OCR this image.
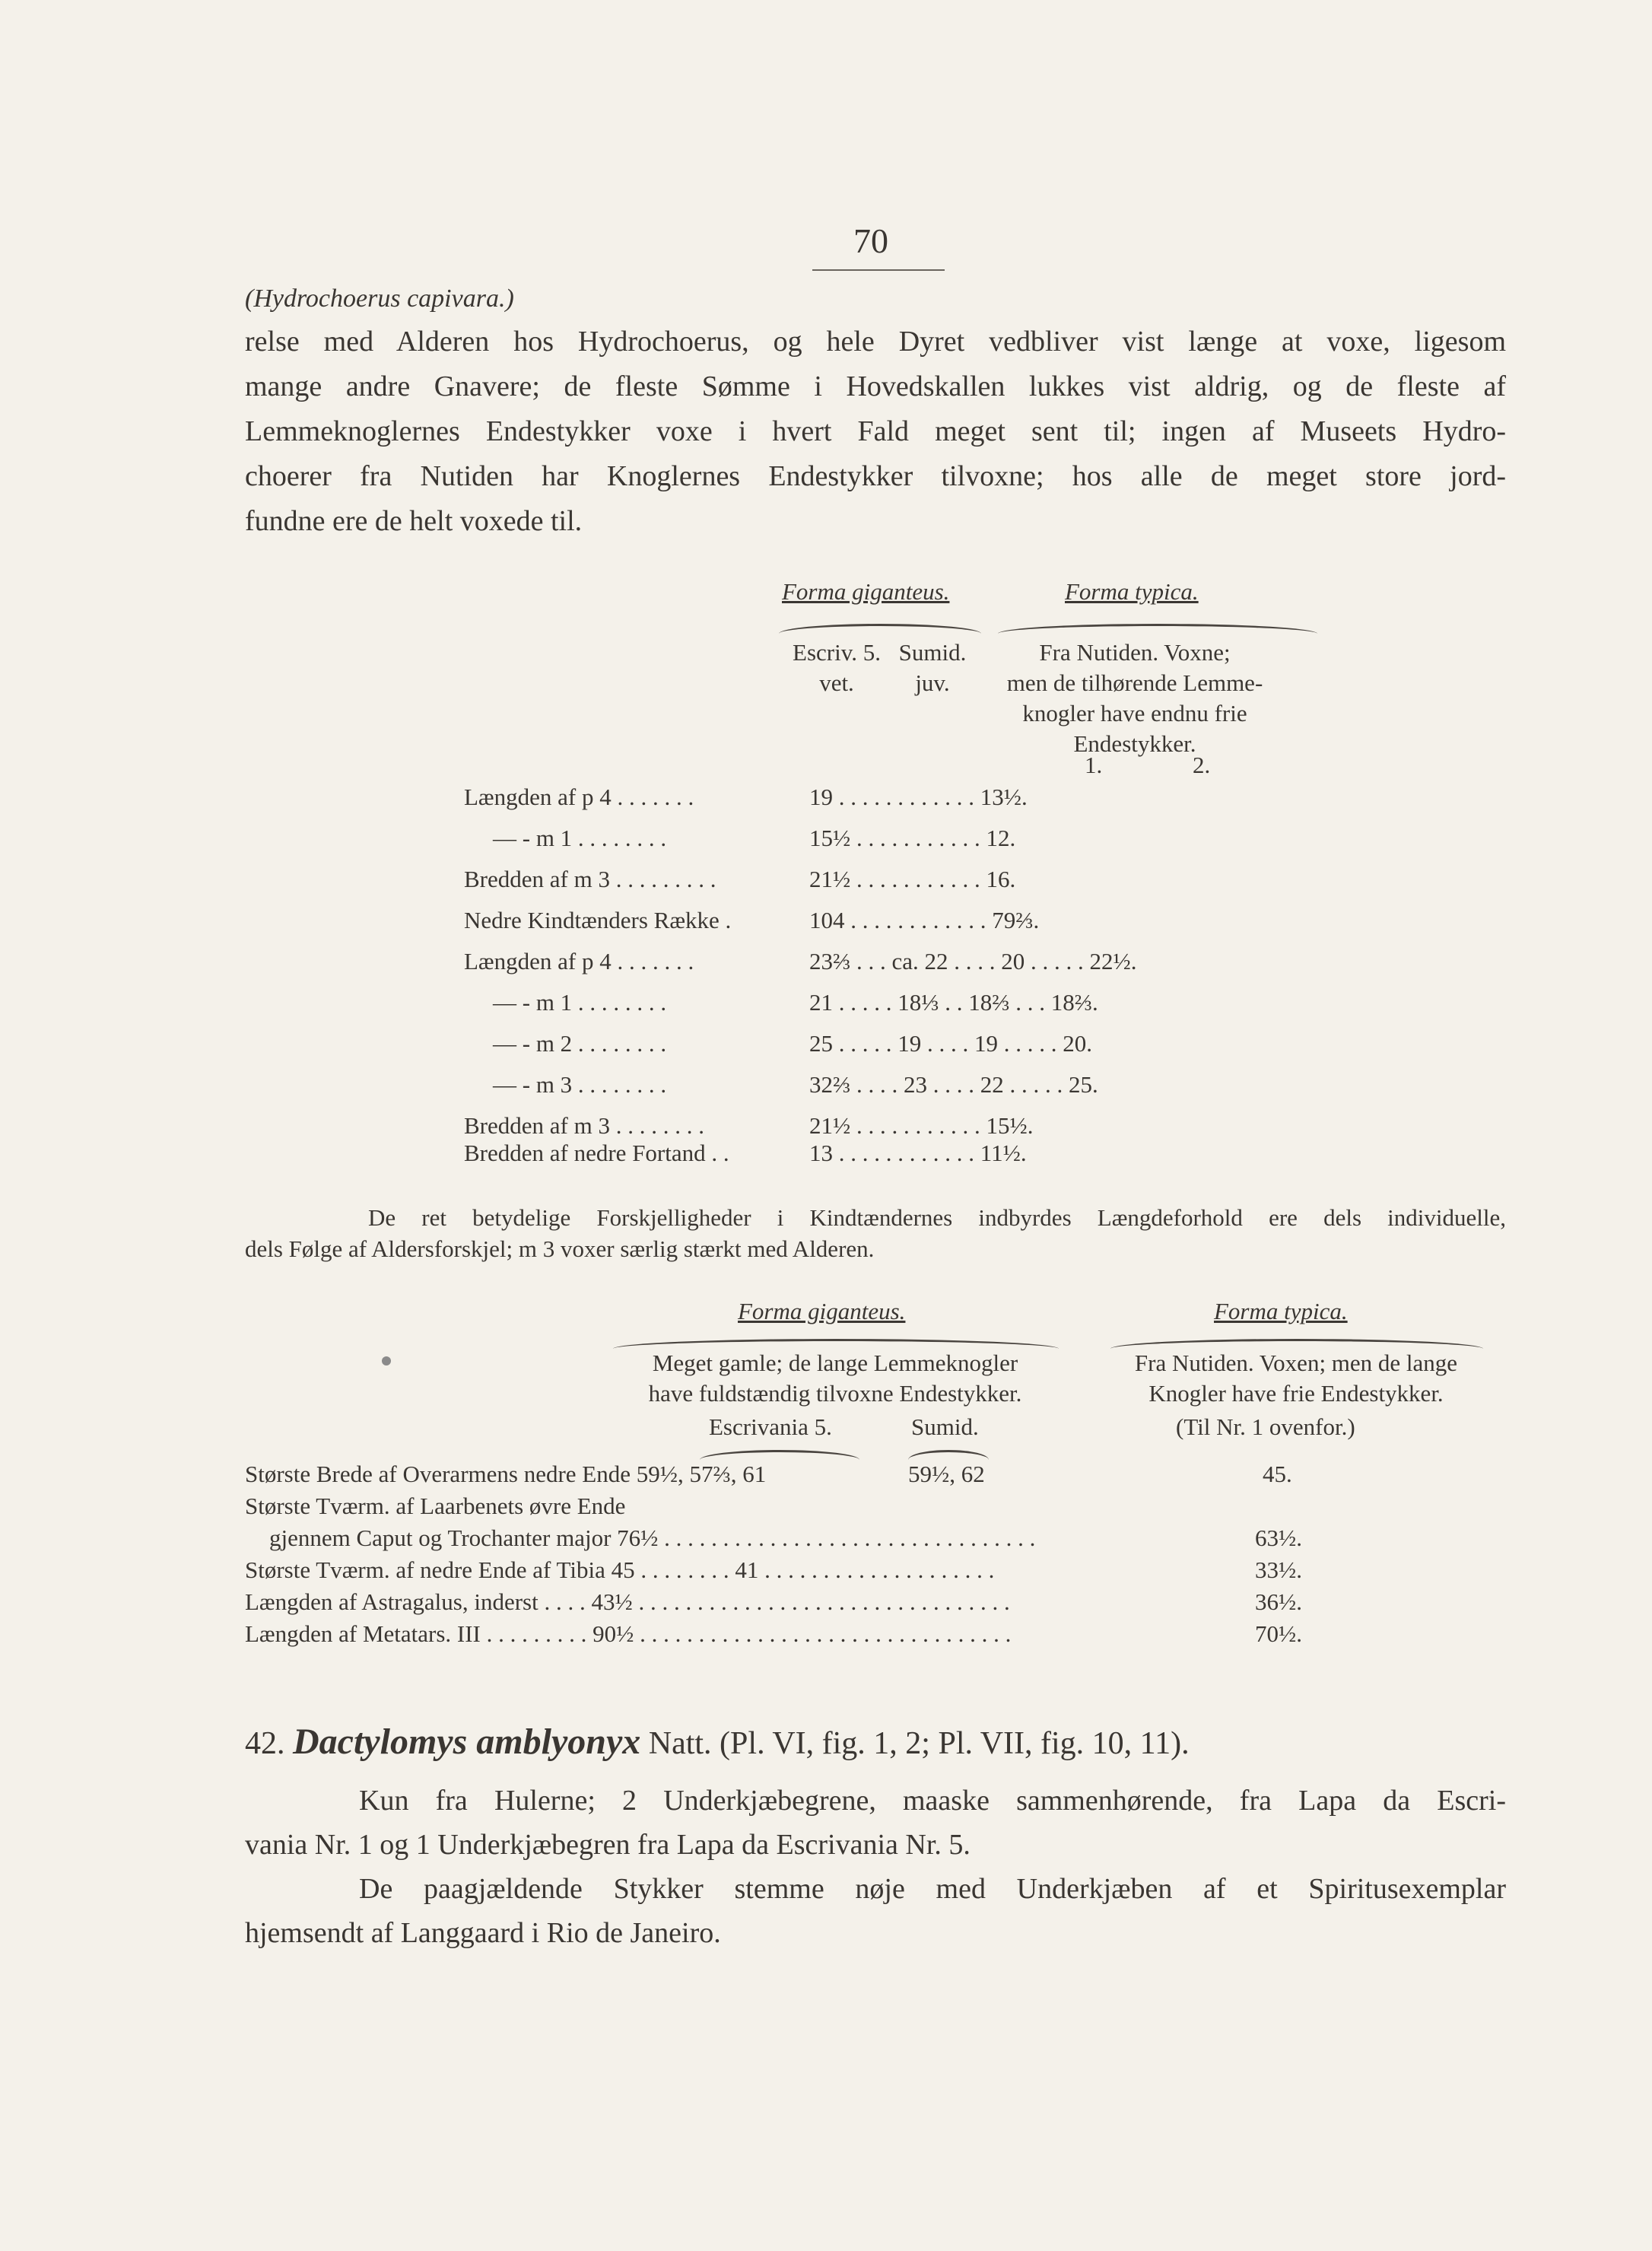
70
(Hydrochoerus capivara.)
relse med Alderen hos Hydrochoerus, og hele Dyret vedbliver vist længe at voxe, ligesom
mange andre Gnavere; de fleste Sømme i Hovedskallen lukkes vist aldrig, og de fleste af
Lemmeknoglernes Endestykker voxe i hvert Fald meget sent til; ingen af Museets Hydro-
choerer fra Nutiden har Knoglernes Endestykker tilvoxne; hos alle de meget store jord-
fundne ere de helt voxede til.
Forma giganteus.	Forma typica.
Escriv. 5.
vet.
Sumid.
juv.
Fra Nutiden. Voxne;
men de tilhørende Lemme-
knogler have endnu frie
Endestykker.
1.	2.
Længden af p 4 . . . . . . .	19 . . . . . . . . . . . . 13½.
— - m 1 . . . . . . . .	15½ . . . . . . . . . . . 12.
Bredden af m 3 . . . . . . . . .	21½ . . . . . . . . . . . 16.
Nedre Kindtænders Række .	104 . . . . . . . . . . . . 79⅔.
Længden af p 4 . . . . . . .	23⅔ . . . ca. 22 . . . . 20 . . . . . 22½.
— - m 1 . . . . . . . .	21 . . . . . 18⅓ . . 18⅔ . . . 18⅔.
— - m 2 . . . . . . . .	25 . . . . . 19 . . . . 19 . . . . . 20.
— - m 3 . . . . . . . .	32⅔ . . . . 23 . . . . 22 . . . . . 25.
Bredden af m 3 . . . . . . . .	21½ . . . . . . . . . . . 15½.
Bredden af nedre Fortand . .	13 . . . . . . . . . . . . 11½.
De ret betydelige Forskjelligheder i Kindtændernes indbyrdes Længdeforhold ere dels individuelle,
dels Følge af Aldersforskjel; m 3 voxer særlig stærkt med Alderen.
Forma giganteus.	Forma typica.
Meget gamle; de lange Lemmeknogler
have fuldstændig tilvoxne Endestykker.
Fra Nutiden. Voxen; men de lange
Knogler have frie Endestykker.
Escrivania 5.	Sumid.	(Til Nr. 1 ovenfor.)
Største Brede af Overarmens nedre Ende 59½, 57⅔, 61	59½, 62	45.
Største Tværm. af Laarbenets øvre Ende
gjennem Caput og Trochanter major 76½ . . . . . . . . . . . . . . . . . . . . . . . . . . . . . . . .	63½.
Største Tværm. af nedre Ende af Tibia 45 . . . . . . . . 41 . . . . . . . . . . . . . . . . . . . .	33½.
Længden af Astragalus, inderst . . . . 43½ . . . . . . . . . . . . . . . . . . . . . . . . . . . . . . . .	36½.
Længden af Metatars. III . . . . . . . . . 90½ . . . . . . . . . . . . . . . . . . . . . . . . . . . . . . . .	70½.
42. Dactylomys amblyonyx Natt. (Pl. VI, fig. 1, 2; Pl. VII, fig. 10, 11).
Kun fra Hulerne; 2 Underkjæbegrene, maaske sammenhørende, fra Lapa da Escri-
vania Nr. 1 og 1 Underkjæbegren fra Lapa da Escrivania Nr. 5.
De paagjældende Stykker stemme nøje med Underkjæben af et Spiritusexemplar
hjemsendt af Langgaard i Rio de Janeiro.
